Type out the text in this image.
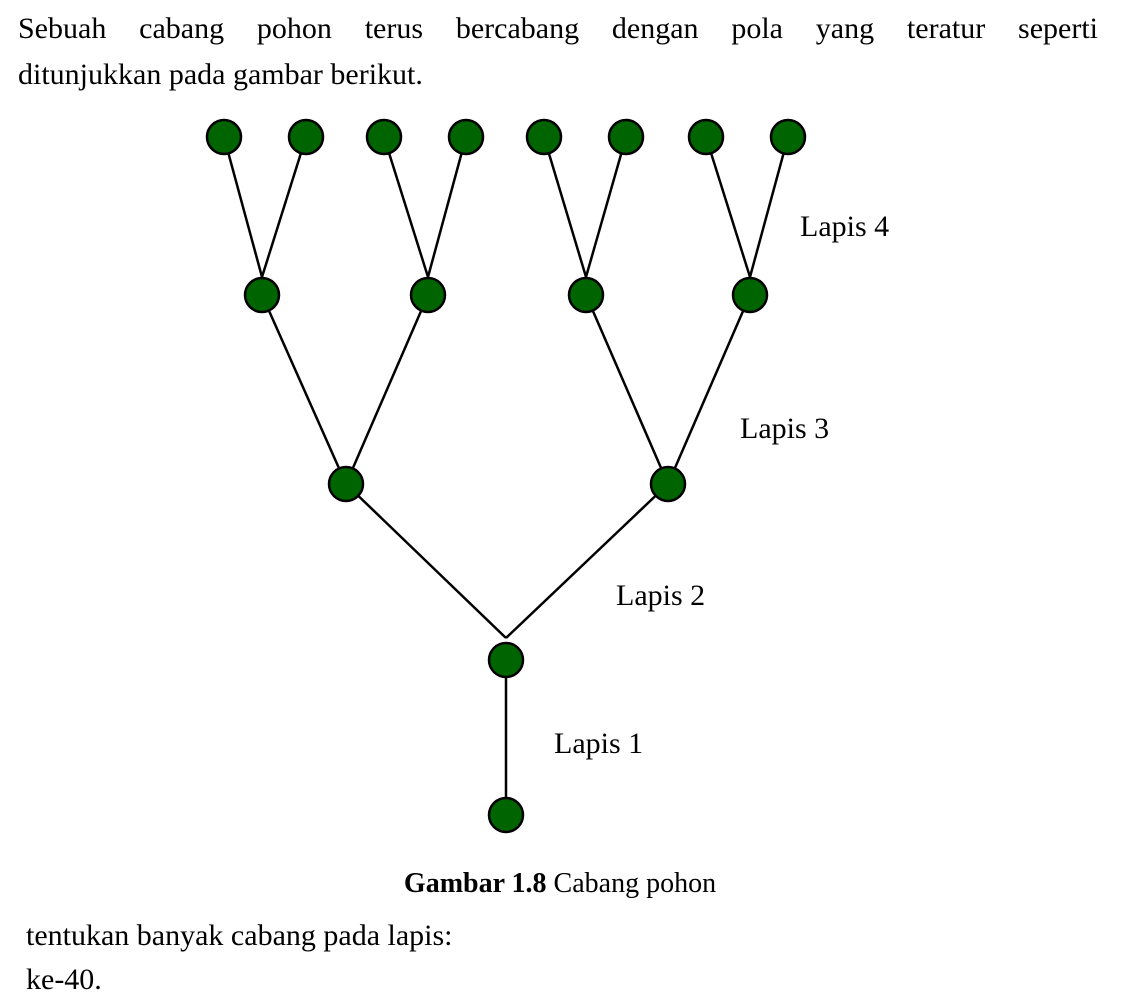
Sebuah cabang pohon terus bercabang dengan pola yang teratur seperti
ditunjukkan pada gambar berikut.

Lapis 1
Lapis 2
Lapis 3
Lapis 4

Gambar 1.8 Cabang pohon

tentukan banyak cabang pada lapis:
ke-40.
